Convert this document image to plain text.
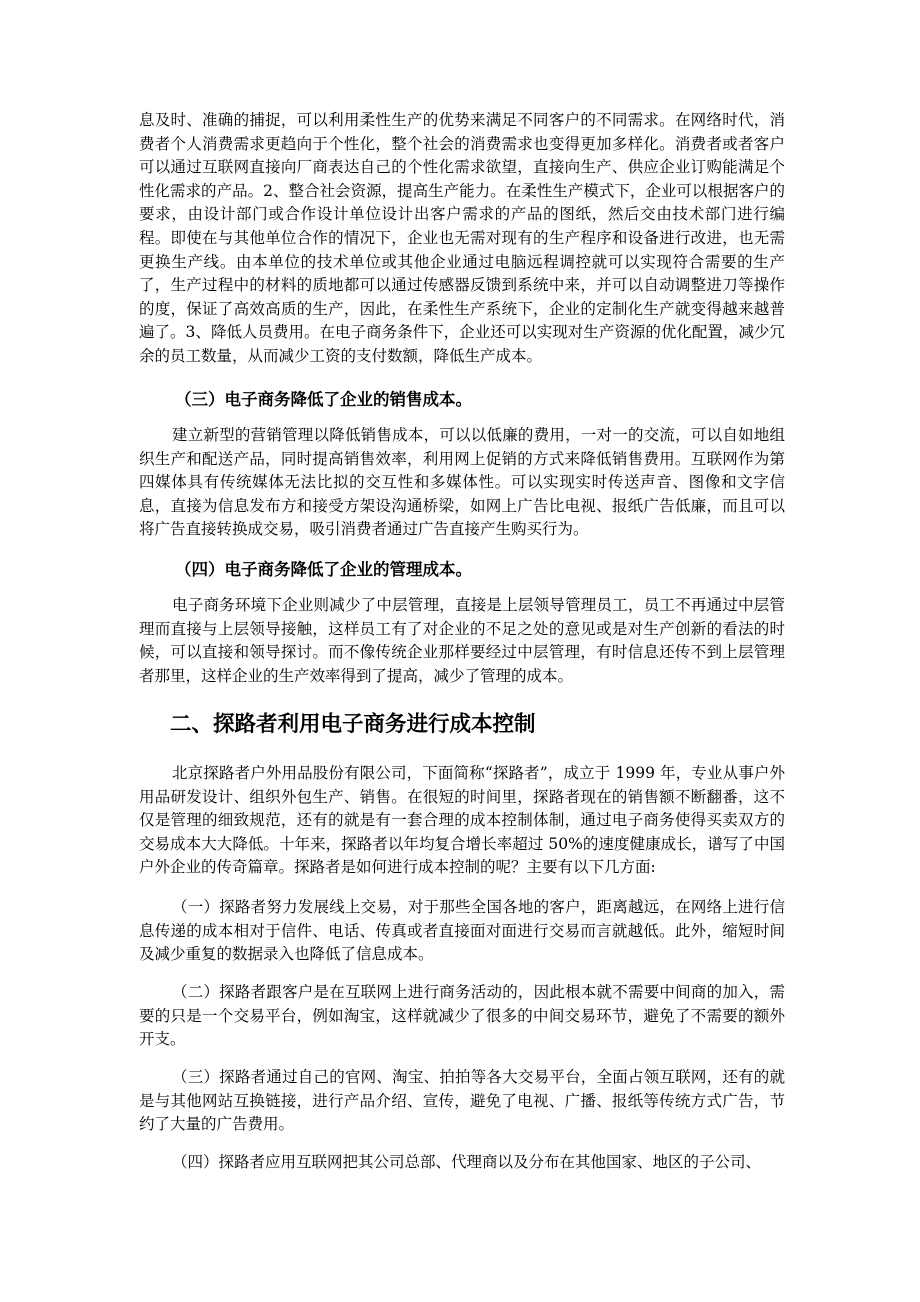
息及时、准确的捕捉，可以利用柔性生产的优势来满足不同客户的不同需求。在网络时代，消费者个人消费需求更趋向于个性化，整个社会的消费需求也变得更加多样化。消费者或者客户可以通过互联网直接向厂商表达自己的个性化需求欲望，直接向生产、供应企业订购能满足个性化需求的产品。2、整合社会资源，提高生产能力。在柔性生产模式下，企业可以根据客户的要求，由设计部门或合作设计单位设计出客户需求的产品的图纸，然后交由技术部门进行编程。即使在与其他单位合作的情况下，企业也无需对现有的生产程序和设备进行改进，也无需更换生产线。由本单位的技术单位或其他企业通过电脑远程调控就可以实现符合需要的生产了，生产过程中的材料的质地都可以通过传感器反馈到系统中来，并可以自动调整进刀等操作的度，保证了高效高质的生产，因此，在柔性生产系统下，企业的定制化生产就变得越来越普遍了。3、降低人员费用。在电子商务条件下，企业还可以实现对生产资源的优化配置，减少冗余的员工数量，从而减少工资的支付数额，降低生产成本。

（三）电子商务降低了企业的销售成本。

建立新型的营销管理以降低销售成本，可以以低廉的费用，一对一的交流，可以自如地组织生产和配送产品，同时提高销售效率，利用网上促销的方式来降低销售费用。互联网作为第四媒体具有传统媒体无法比拟的交互性和多媒体性。可以实现实时传送声音、图像和文字信息，直接为信息发布方和接受方架设沟通桥梁，如网上广告比电视、报纸广告低廉，而且可以将广告直接转换成交易，吸引消费者通过广告直接产生购买行为。

（四）电子商务降低了企业的管理成本。

电子商务环境下企业则减少了中层管理，直接是上层领导管理员工，员工不再通过中层管理而直接与上层领导接触，这样员工有了对企业的不足之处的意见或是对生产创新的看法的时候，可以直接和领导探讨。而不像传统企业那样要经过中层管理，有时信息还传不到上层管理者那里，这样企业的生产效率得到了提高，减少了管理的成本。

二、探路者利用电子商务进行成本控制

北京探路者户外用品股份有限公司，下面简称“探路者”，成立于 1999 年，专业从事户外用品研发设计、组织外包生产、销售。在很短的时间里，探路者现在的销售额不断翻番，这不仅是管理的细致规范，还有的就是有一套合理的成本控制体制，通过电子商务使得买卖双方的交易成本大大降低。十年来，探路者以年均复合增长率超过 50%的速度健康成长，谱写了中国户外企业的传奇篇章。探路者是如何进行成本控制的呢？主要有以下几方面:

（一）探路者努力发展线上交易，对于那些全国各地的客户，距离越远，在网络上进行信息传递的成本相对于信件、电话、传真或者直接面对面进行交易而言就越低。此外，缩短时间及减少重复的数据录入也降低了信息成本。

（二）探路者跟客户是在互联网上进行商务活动的，因此根本就不需要中间商的加入，需要的只是一个交易平台，例如淘宝，这样就减少了很多的中间交易环节，避免了不需要的额外开支。

（三）探路者通过自己的官网、淘宝、拍拍等各大交易平台，全面占领互联网，还有的就是与其他网站互换链接，进行产品介绍、宣传，避免了电视、广播、报纸等传统方式广告，节约了大量的广告费用。

（四）探路者应用互联网把其公司总部、代理商以及分布在其他国家、地区的子公司、
